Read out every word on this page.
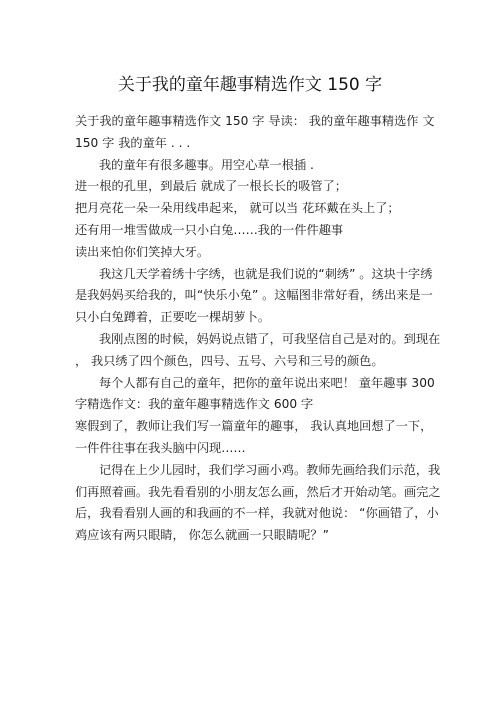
关于我的童年趣事精选作文 150 字
关于我的童年趣事精选作文 150 字 导读： 我的童年趣事精选作 文
150 字 我的童年 . . .
我的童年有很多趣事。用空心草一根插 .
进一根的孔里，到最后 就成了一根长长的吸管了；
把月亮花一朵一朵用线串起来， 就可以当 花环戴在头上了；
还有用一堆雪做成一只小白兔……我的一件件趣事
读出来怕你们笑掉大牙。
我这几天学着绣十字绣，也就是我们说的“刺绣” 。这块十字绣
是我妈妈买给我的，叫“快乐小兔” 。这幅图非常好看，绣出来是一
只小白兔蹲着，正要吃一棵胡萝卜。
我刚点图的时候，妈妈说点错了，可我坚信自己是对的。到现在
， 我只绣了四个颜色，四号、五号、六号和三号的颜色。
每个人都有自己的童年，把你的童年说出来吧！ 童年趣事 300
字精选作文：我的童年趣事精选作文 600 字
寒假到了，教师让我们写一篇童年的趣事， 我认真地回想了一下，
一件件往事在我头脑中闪现……
记得在上少儿园时，我们学习画小鸡。教师先画给我们示范，我
们再照着画。我先看看别的小朋友怎么画，然后才开始动笔。画完之
后，我看看别人画的和我画的不一样，我就对他说： “你画错了，小
鸡应该有两只眼睛， 你怎么就画一只眼睛呢？”
